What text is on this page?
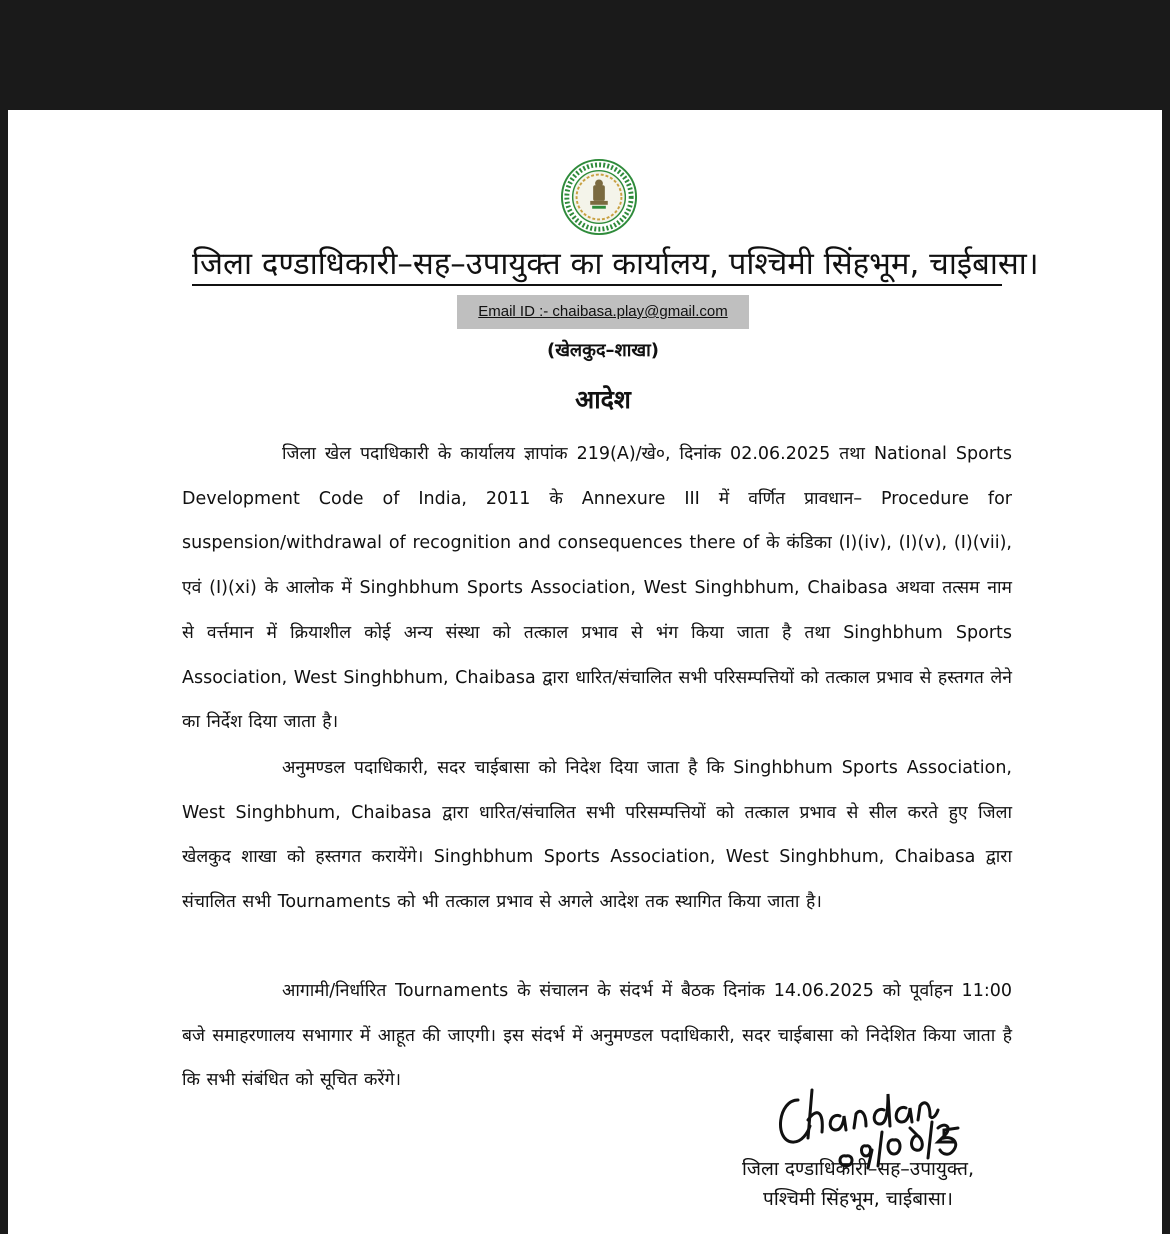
जिला दण्डाधिकारी–सह–उपायुक्त का कार्यालय, पश्चिमी सिंहभूम, चाईबासा।
Email ID :- chaibasa.play@gmail.com
(खेलकुद–शाखा)
आदेश
जिला खेल पदाधिकारी के कार्यालय ज्ञापांक 219(A)/खे०, दिनांक 02.06.2025 तथा National Sports Development Code of India, 2011 के Annexure III में वर्णित प्रावधान– Procedure for suspension/withdrawal of recognition and consequences there of के कंडिका (I)(iv), (I)(v), (I)(vii), एवं (I)(xi) के आलोक में Singhbhum Sports Association, West Singhbhum, Chaibasa अथवा तत्सम नाम से वर्त्तमान में क्रियाशील कोई अन्य संस्था को तत्काल प्रभाव से भंग किया जाता है तथा Singhbhum Sports Association, West Singhbhum, Chaibasa द्वारा धारित/संचालित सभी परिसम्पत्तियों को तत्काल प्रभाव से हस्तगत लेने का निर्देश दिया जाता है।
अनुमण्डल पदाधिकारी, सदर चाईबासा को निदेश दिया जाता है कि Singhbhum Sports Association, West Singhbhum, Chaibasa द्वारा धारित/संचालित सभी परिसम्पत्तियों को तत्काल प्रभाव से सील करते हुए जिला खेलकुद शाखा को हस्तगत करायेंगे। Singhbhum Sports Association, West Singhbhum, Chaibasa द्वारा संचालित सभी Tournaments को भी तत्काल प्रभाव से अगले आदेश तक स्थागित किया जाता है।
आगामी/निर्धारित Tournaments के संचालन के संदर्भ में बैठक दिनांक 14.06.2025 को पूर्वाहन 11:00 बजे समाहरणालय सभागार में आहूत की जाएगी। इस संदर्भ में अनुमण्डल पदाधिकारी, सदर चाईबासा को निदेशित किया जाता है कि सभी संबंधित को सूचित करेंगे।
जिला दण्डाधिकारी–सह–उपायुक्त,
पश्चिमी सिंहभूम, चाईबासा।
